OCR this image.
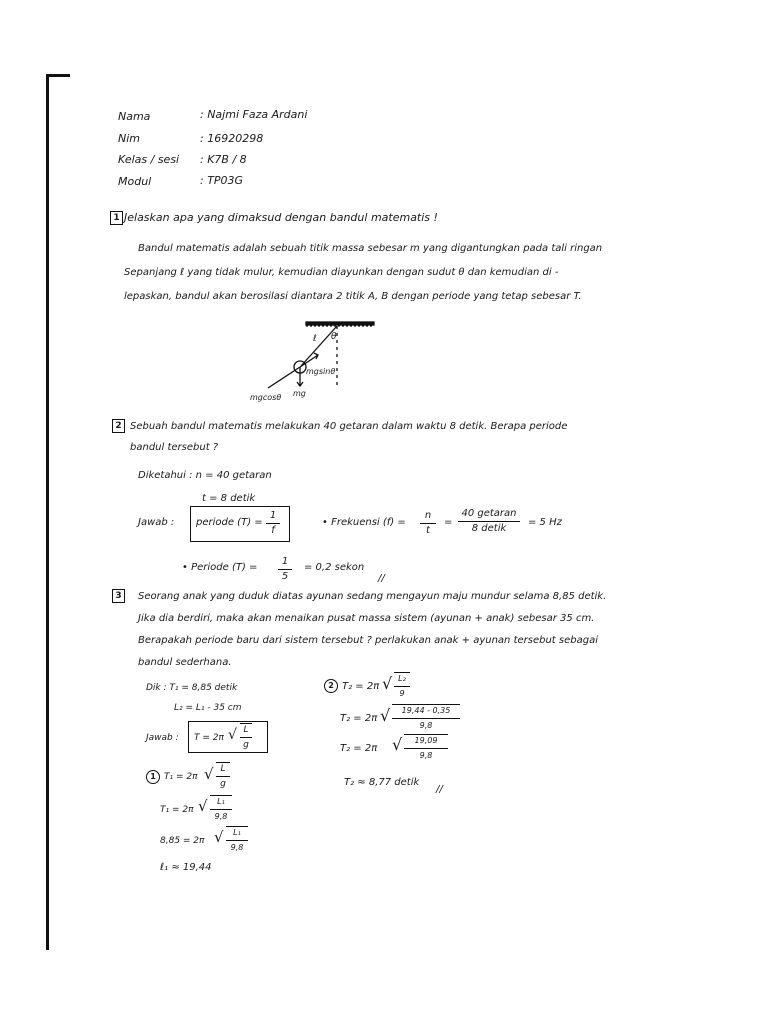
Nama	: Najmi Faza Ardani
Nim	: 16920298
Kelas / sesi : K7B / 8
Modul	: TP03G
1 Jelaskan apa yang dimaksud dengan bandul matematis !
Bandul matematis adalah sebuah titik massa sebesar m yang digantungkan pada tali ringan
Sepanjang ℓ yang tidak mulur, kemudian diayunkan dengan sudut θ dan kemudian di -
lepaskan, bandul akan berosilasi diantara 2 titik A, B dengan periode yang tetap sebesar T.
ℓ θ
mgsinθ
mg
mgcosθ
2 Sebuah bandul matematis melakukan 40 getaran dalam waktu 8 detik. Berapa periode
bandul tersebut ?
Diketahui : n = 40 getaran
t = 8 detik
Jawab : periode (T) =
1
f
• Frekuensi (f) =
n
t
=
40 getaran
8 detik
= 5 Hz
• Periode (T) =
1
5
= 0,2 sekon
//
3	Seorang anak yang duduk diatas ayunan sedang mengayun maju mundur selama 8,85 detik.
Jika dia berdiri, maka akan menaikan pusat massa sistem (ayunan + anak) sebesar 35 cm.
Berapakah periode baru dari sistem tersebut ? perlakukan anak + ayunan tersebut sebagai
bandul sederhana.
Dik : T₁ = 8,85 detik
L₂ = L₁ - 35 cm
Jawab : T = 2π √ L
g
1 T₁ = 2π √ L
g
T₁ = 2π √	L₁
9,8
8,85 = 2π √	L₁
9,8
ℓ₁ ≈ 19,44
2 T₂ = 2π √ L₂
9
T₂ = 2π √	19,44 - 0,35
9,8
T₂ = 2π √	19,09
9,8
T₂ ≈ 8,77 detik
//
